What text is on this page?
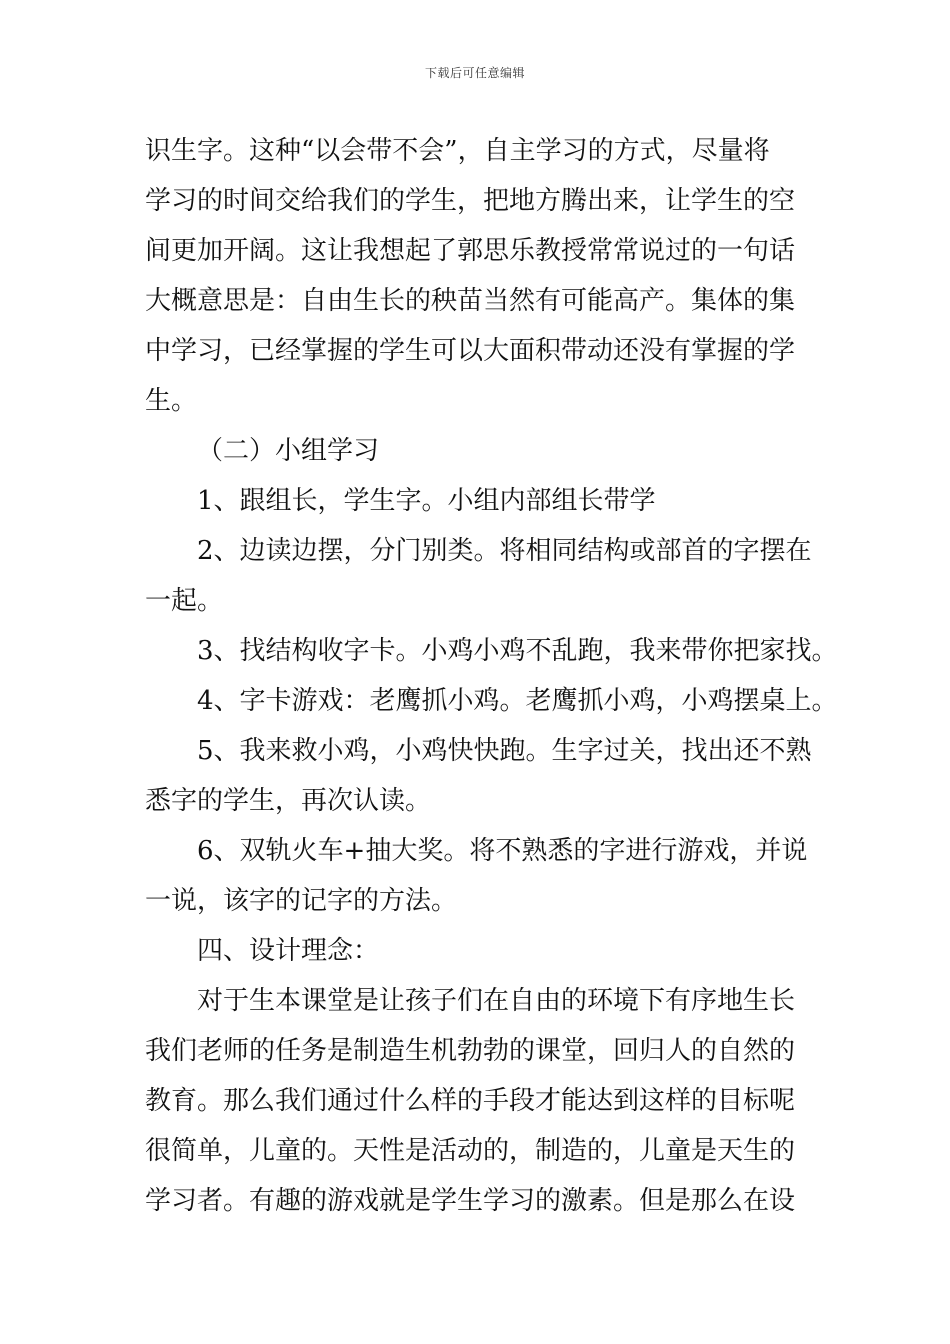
下载后可任意编辑
识生字。这种“以会带不会”，自主学习的方式，尽量将
学习的时间交给我们的学生，把地方腾出来，让学生的空
间更加开阔。这让我想起了郭思乐教授常常说过的一句话
大概意思是：自由生长的秧苗当然有可能高产。集体的集
中学习，已经掌握的学生可以大面积带动还没有掌握的学
生。
（二）小组学习
1、跟组长，学生字。小组内部组长带学
2、边读边摆，分门别类。将相同结构或部首的字摆在
一起。
3、找结构收字卡。小鸡小鸡不乱跑，我来带你把家找。
4、字卡游戏：老鹰抓小鸡。老鹰抓小鸡，小鸡摆桌上。
5、我来救小鸡，小鸡快快跑。生字过关，找出还不熟
悉字的学生，再次认读。
6、双轨火车+抽大奖。将不熟悉的字进行游戏，并说
一说，该字的记字的方法。
四、设计理念：
对于生本课堂是让孩子们在自由的环境下有序地生长
我们老师的任务是制造生机勃勃的课堂，回归人的自然的
教育。那么我们通过什么样的手段才能达到这样的目标呢
很简单，儿童的。天性是活动的，制造的，儿童是天生的
学习者。有趣的游戏就是学生学习的激素。但是那么在设
